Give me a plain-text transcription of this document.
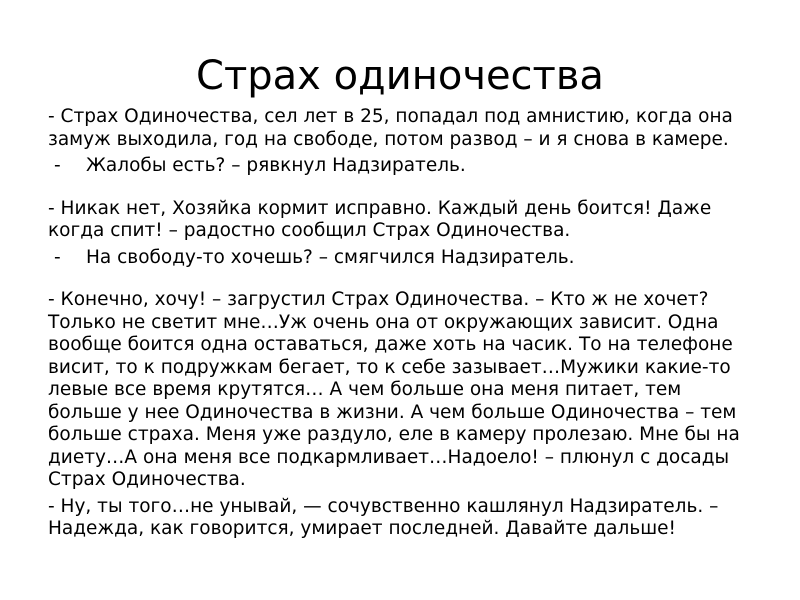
Страх одиночества

- Страх Одиночества, сел лет в 25, попадал под амнистию, когда она замуж выходила, год на свободе, потом развод – и я снова в камере.

-	Жалобы есть? – рявкнул Надзиратель.

- Никак нет, Хозяйка кормит исправно. Каждый день боится! Даже когда спит! – радостно сообщил Страх Одиночества.

-	На свободу-то хочешь? – смягчился Надзиратель.

- Конечно, хочу! – загрустил Страх Одиночества. – Кто ж не хочет? Только не светит мне…Уж очень она от окружающих зависит. Одна вообще боится одна оставаться, даже хоть на часик. То на телефоне висит, то к подружкам бегает, то к себе зазывает…Мужики какие-то левые все время крутятся… А чем больше она меня питает, тем больше у нее Одиночества в жизни. А чем больше Одиночества – тем больше страха. Меня уже раздуло, еле в камеру пролезаю. Мне бы на диету…А она меня все подкармливает…Надоело! – плюнул с досады Страх Одиночества.

- Ну, ты того…не унывай, — сочувственно кашлянул Надзиратель. – Надежда, как говорится, умирает последней. Давайте дальше!
